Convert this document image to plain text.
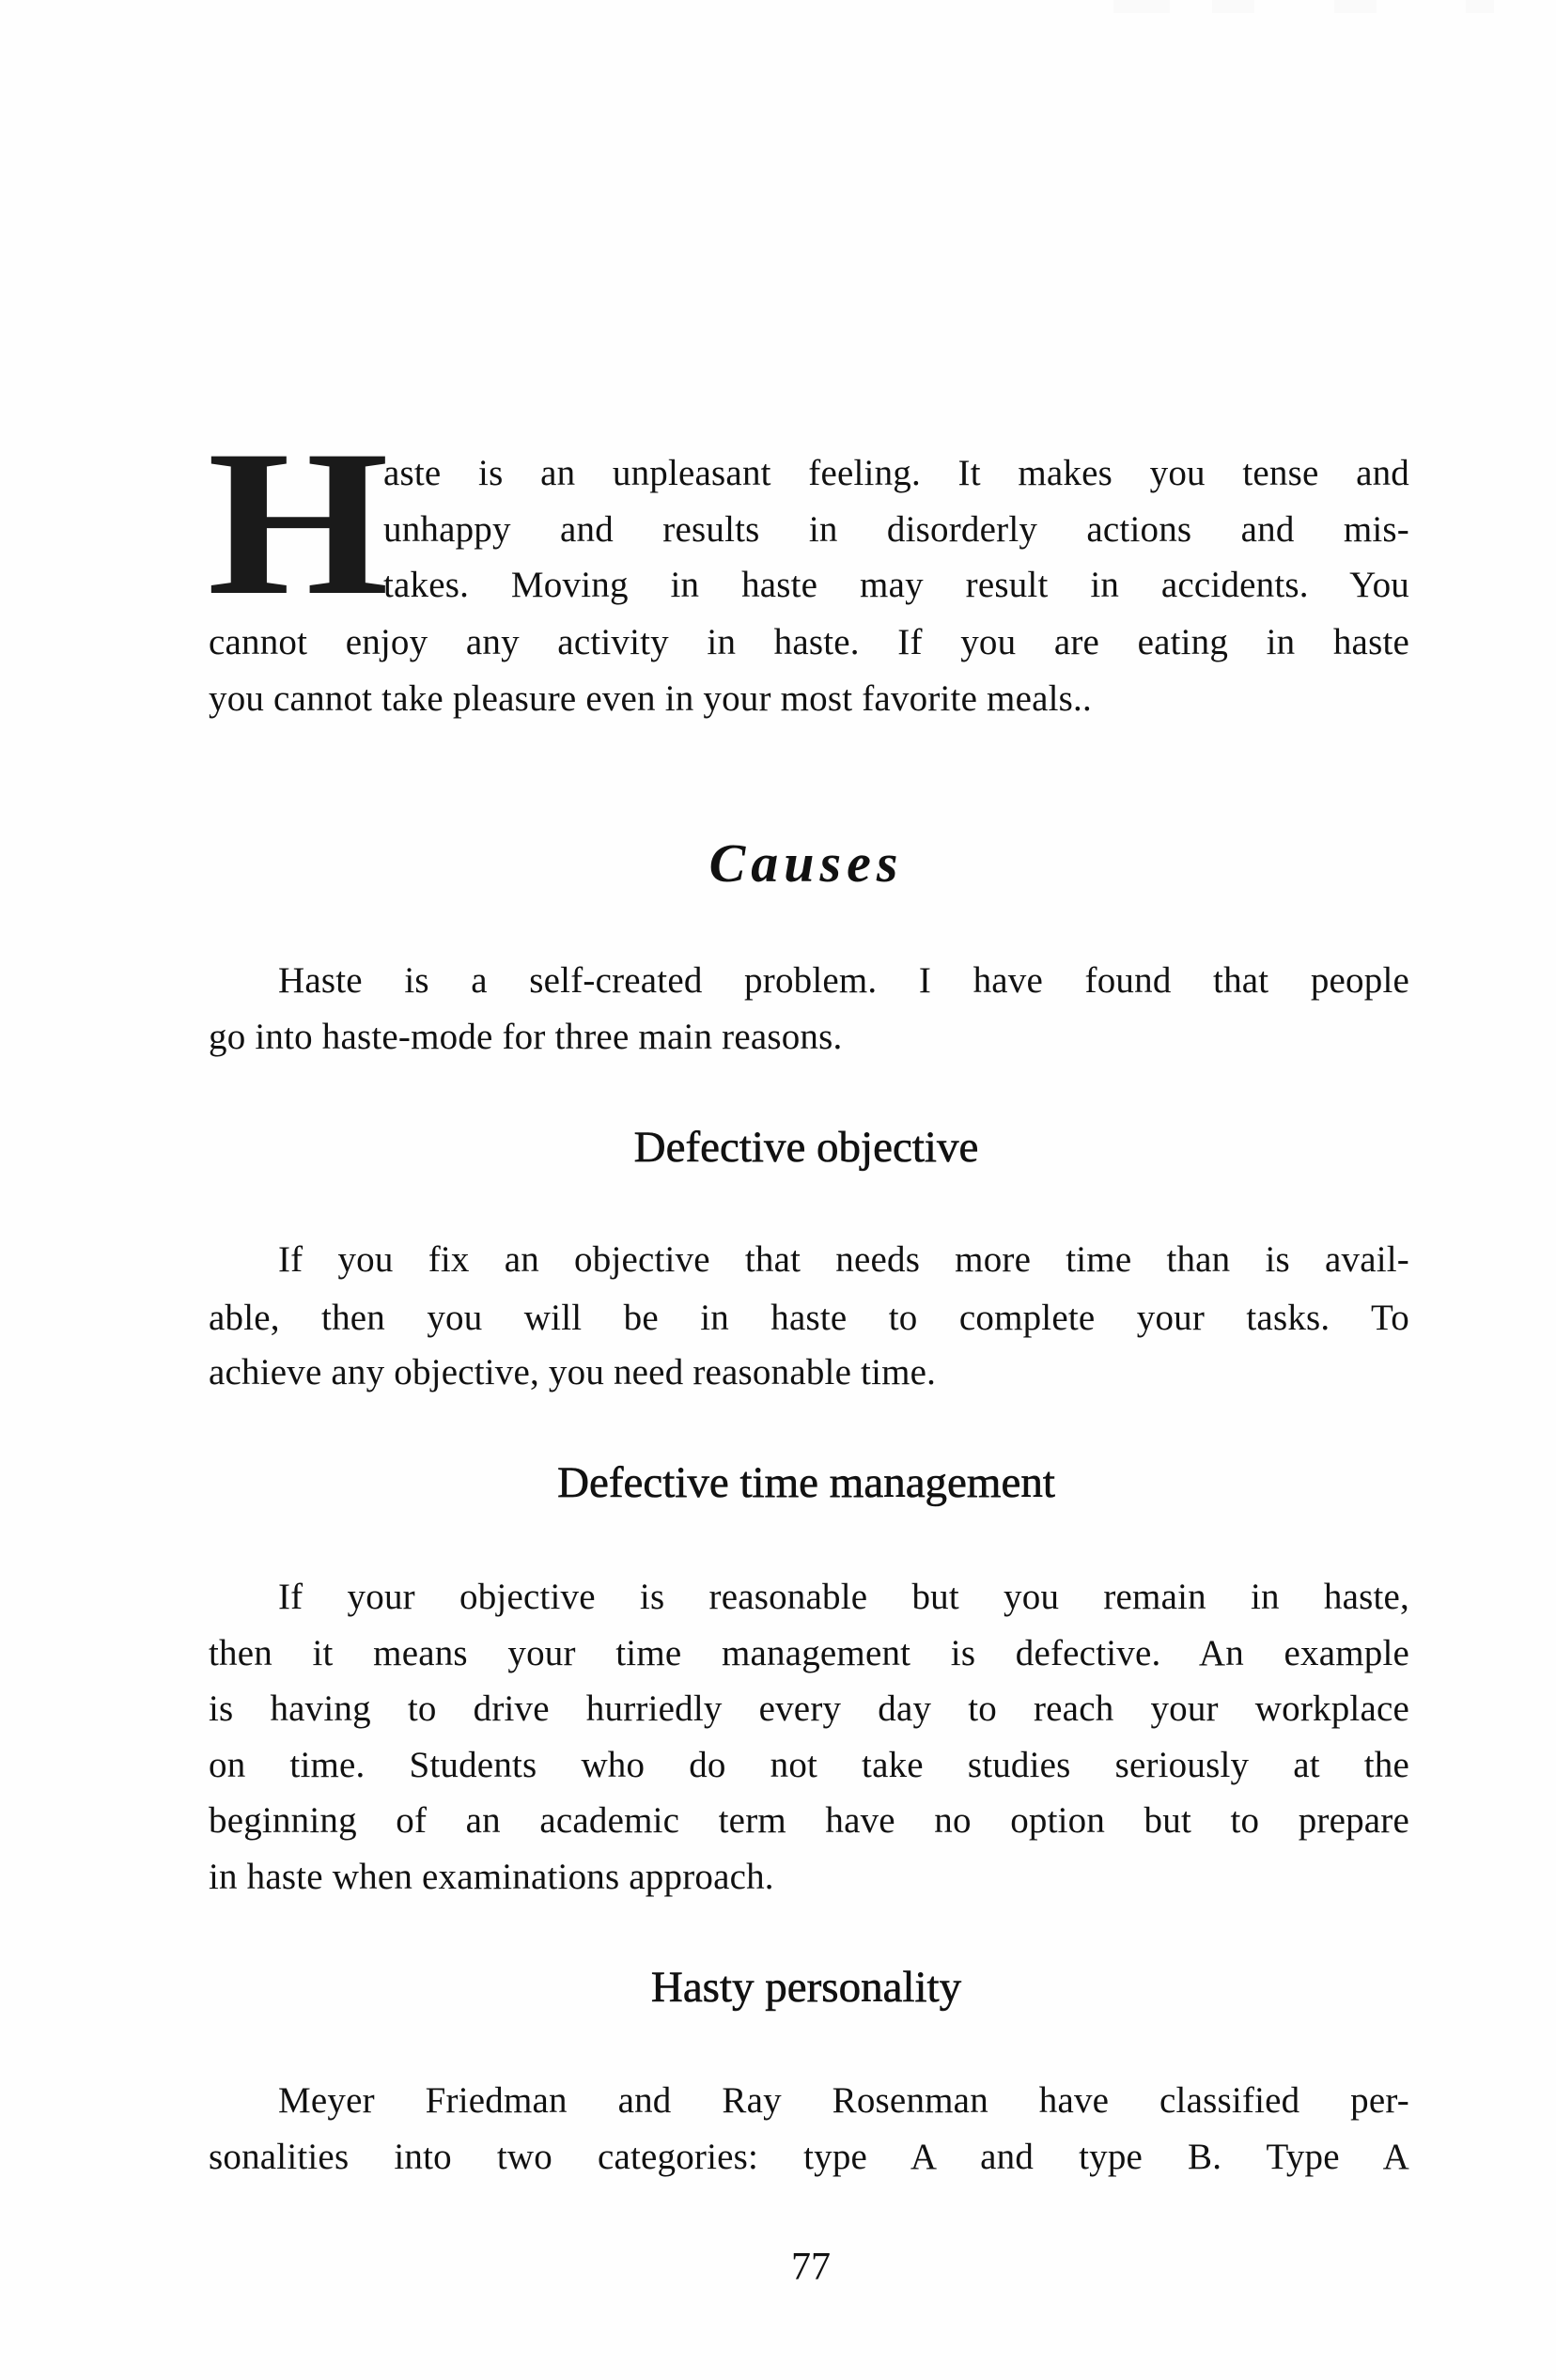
H
aste is an unpleasant feeling. It makes you tense and
unhappy and results in disorderly actions and mis-
takes. Moving in haste may result in accidents. You
cannot enjoy any activity in haste. If you are eating in haste
you cannot take pleasure even in your most favorite meals..
Causes
Haste is a self-created problem. I have found that people
go into haste-mode for three main reasons.
Defective objective
If you fix an objective that needs more time than is avail-
able, then you will be in haste to complete your tasks. To
achieve any objective, you need reasonable time.
Defective time management
If your objective is reasonable but you remain in haste,
then it means your time management is defective. An example
is having to drive hurriedly every day to reach your workplace
on time. Students who do not take studies seriously at the
beginning of an academic term have no option but to prepare
in haste when examinations approach.
Hasty personality
Meyer Friedman and Ray Rosenman have classified per-
sonalities into two categories: type A and type B. Type A
77
